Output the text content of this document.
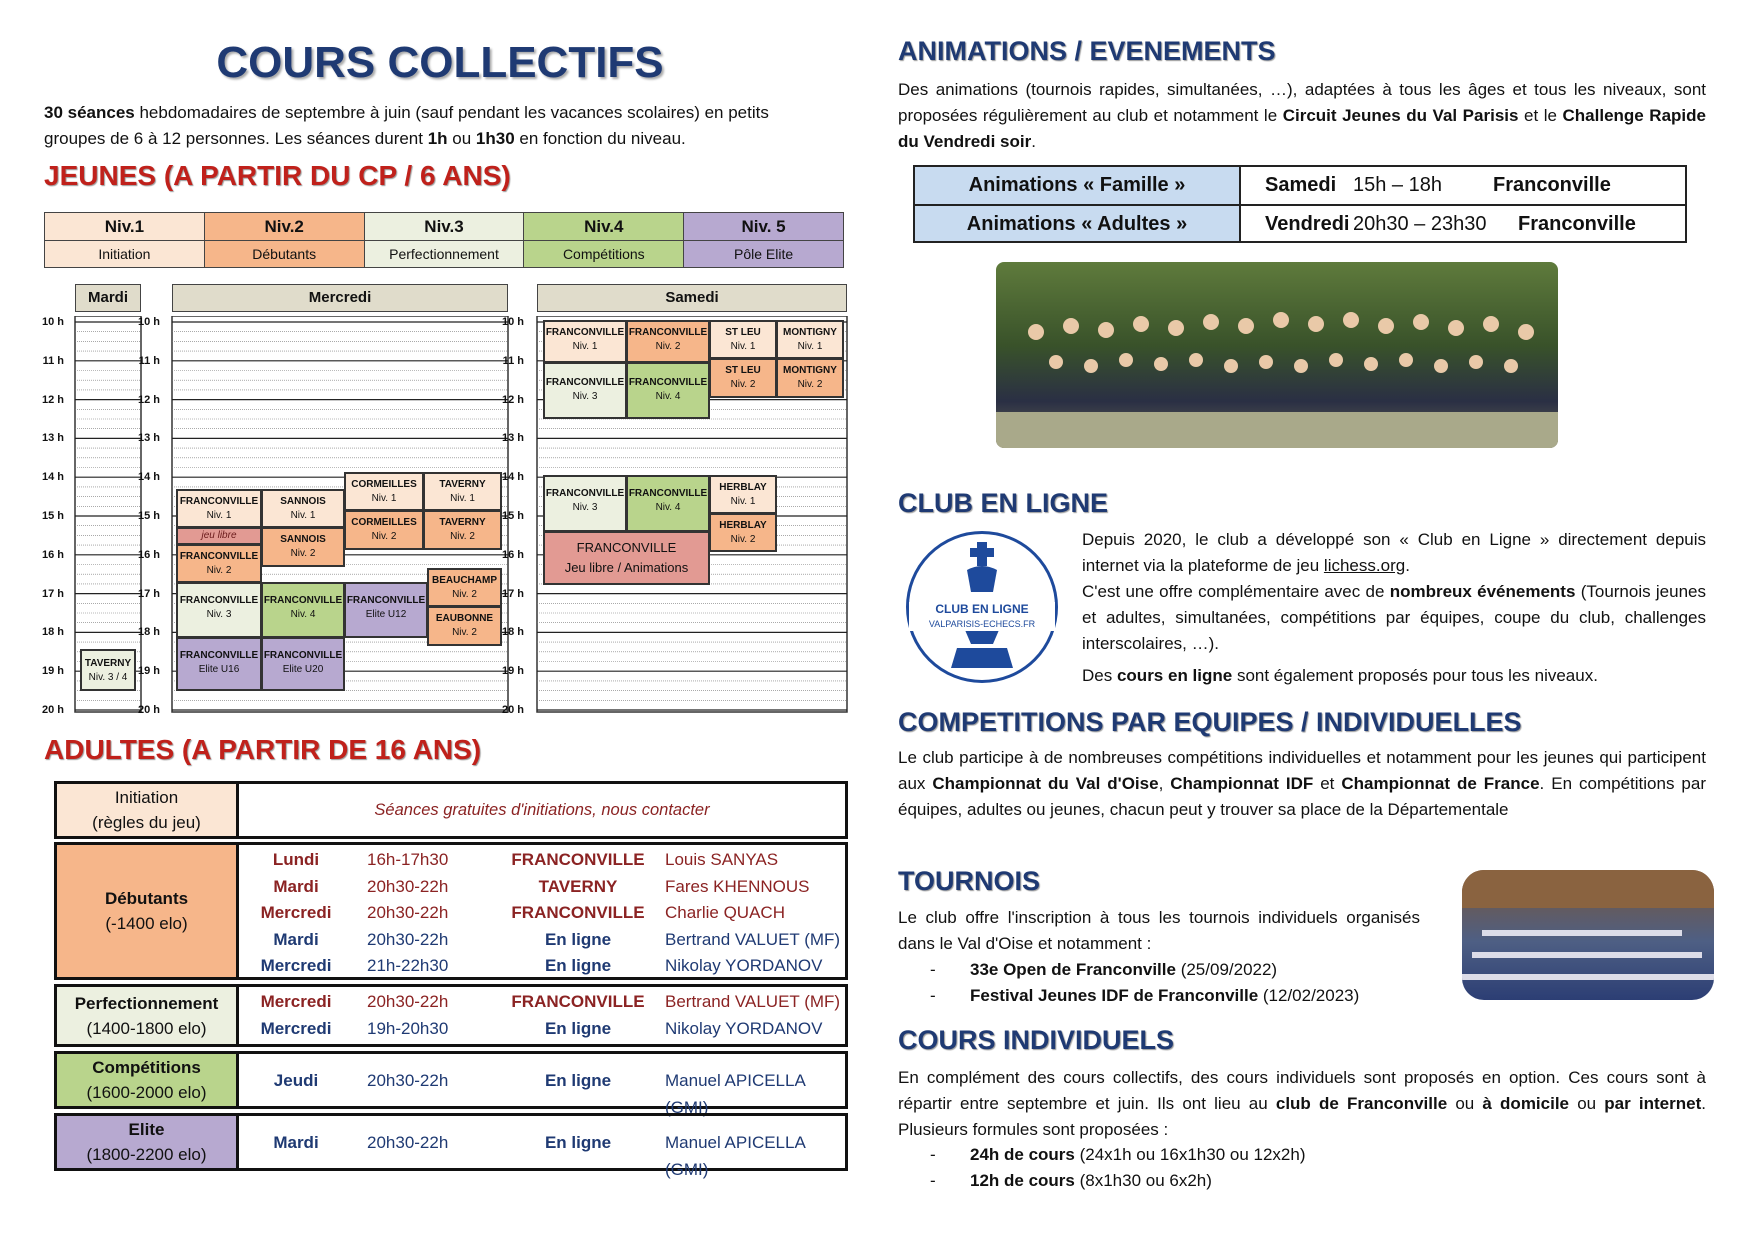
COURS COLLECTIFS
30 séances hebdomadaires de septembre à juin (sauf pendant les vacances scolaires) en petits groupes de 6 à 12 personnes. Les séances durent 1h ou 1h30 en fonction du niveau.
JEUNES (A PARTIR DU CP / 6 ANS)
Niv.1
Initiation
Niv.2
Débutants
Niv.3
Perfectionnement
Niv.4
Compétitions
Niv. 5
Pôle Elite
Mardi	Mercredi	Samedi
FRANCONVILLE
Niv. 1
FRANCONVILLE
Niv. 2
ST LEU
Niv. 1
MONTIGNY
Niv. 1
FRANCONVILLE
Niv. 3
FRANCONVILLE
Niv. 4
ST LEU
Niv. 2
MONTIGNY
Niv. 2
FRANCONVILLE
Niv. 3
FRANCONVILLE
Niv. 4
HERBLAY
Niv. 1
HERBLAY
Niv. 2
FRANCONVILLE
Jeu libre / Animations
CORMEILLES
Niv. 1
TAVERNY
Niv. 1
FRANCONVILLE
Niv. 1
SANNOIS
Niv. 1
CORMEILLES
Niv. 2
TAVERNY
Niv. 2
jeu libre
FRANCONVILLE
Niv. 2
SANNOIS
Niv. 2
BEAUCHAMP
Niv. 2
FRANCONVILLE
Niv. 3
FRANCONVILLE
Niv. 4
FRANCONVILLE
Elite U12	EAUBONNE
Niv. 2
FRANCONVILLE
Elite U16
FRANCONVILLE
Elite U20
TAVERNY
Niv. 3 / 4
10 h
11 h
12 h
13 h
14 h
15 h
16 h
17 h
18 h
19 h
20 h
10 h
11 h
12 h
13 h
14 h
15 h
16 h
17 h
18 h
19 h
20 h
10 h
11 h
12 h
13 h
14 h
15 h
16 h
17 h
18 h
19 h
20 h
ADULTES (A PARTIR DE 16 ANS)
Initiation
(règles du jeu)
Séances gratuites d'initiations, nous contacter
Débutants
(-1400 elo)
Lundi	16h-17h30	FRANCONVILLE	Louis SANYAS
Mardi	20h30-22h	TAVERNY	Fares KHENNOUS
Mercredi	20h30-22h	FRANCONVILLE	Charlie QUACH
Mardi	20h30-22h	En ligne	Bertrand VALUET (MF)
Mercredi	21h-22h30	En ligne	Nikolay YORDANOV
Perfectionnement
(1400-1800 elo)
Mercredi	20h30-22h	FRANCONVILLE	Bertrand VALUET (MF)
Mercredi	19h-20h30	En ligne	Nikolay YORDANOV
Compétitions
(1600-2000 elo)
Jeudi	20h30-22h	En ligne	Manuel APICELLA (GMI)
Elite
(1800-2200 elo)
Mardi	20h30-22h	En ligne	Manuel APICELLA (GMI)
ANIMATIONS / EVENEMENTS
Des animations (tournois rapides, simultanées, …), adaptées à tous les âges et tous les niveaux, sont proposées régulièrement au club et notamment le Circuit Jeunes du Val Parisis et le Challenge Rapide du Vendredi soir.
Animations « Famille »	Samedi 15h – 18h	Franconville
Animations « Adultes »	Vendredi 20h30 – 23h30	Franconville
CLUB EN LIGNE
CLUB EN LIGNE
VALPARISIS-ECHECS.FR
Depuis 2020, le club a développé son « Club en Ligne » directement depuis internet via la plateforme de jeu lichess.org.
C'est une offre complémentaire avec de nombreux événements (Tournois jeunes et adultes, simultanées, compétitions par équipes, coupe du club, challenges interscolaires, …).
Des cours en ligne sont également proposés pour tous les niveaux.
COMPETITIONS PAR EQUIPES / INDIVIDUELLES
Le club participe à de nombreuses compétitions individuelles et notamment pour les jeunes qui participent aux Championnat du Val d'Oise, Championnat IDF et Championnat de France. En compétitions par équipes, adultes ou jeunes, chacun peut y trouver sa place de la Départementale
TOURNOIS
Le club offre l'inscription à tous les tournois individuels organisés dans le Val d'Oise et notamment :
- 33e Open de Franconville (25/09/2022)
- Festival Jeunes IDF de Franconville (12/02/2023)
COURS INDIVIDUELS
En complément des cours collectifs, des cours individuels sont proposés en option. Ces cours sont à répartir entre septembre et juin. Ils ont lieu au club de Franconville ou à domicile ou par internet. Plusieurs formules sont proposées :
- 24h de cours (24x1h ou 16x1h30 ou 12x2h)
- 12h de cours (8x1h30 ou 6x2h)
